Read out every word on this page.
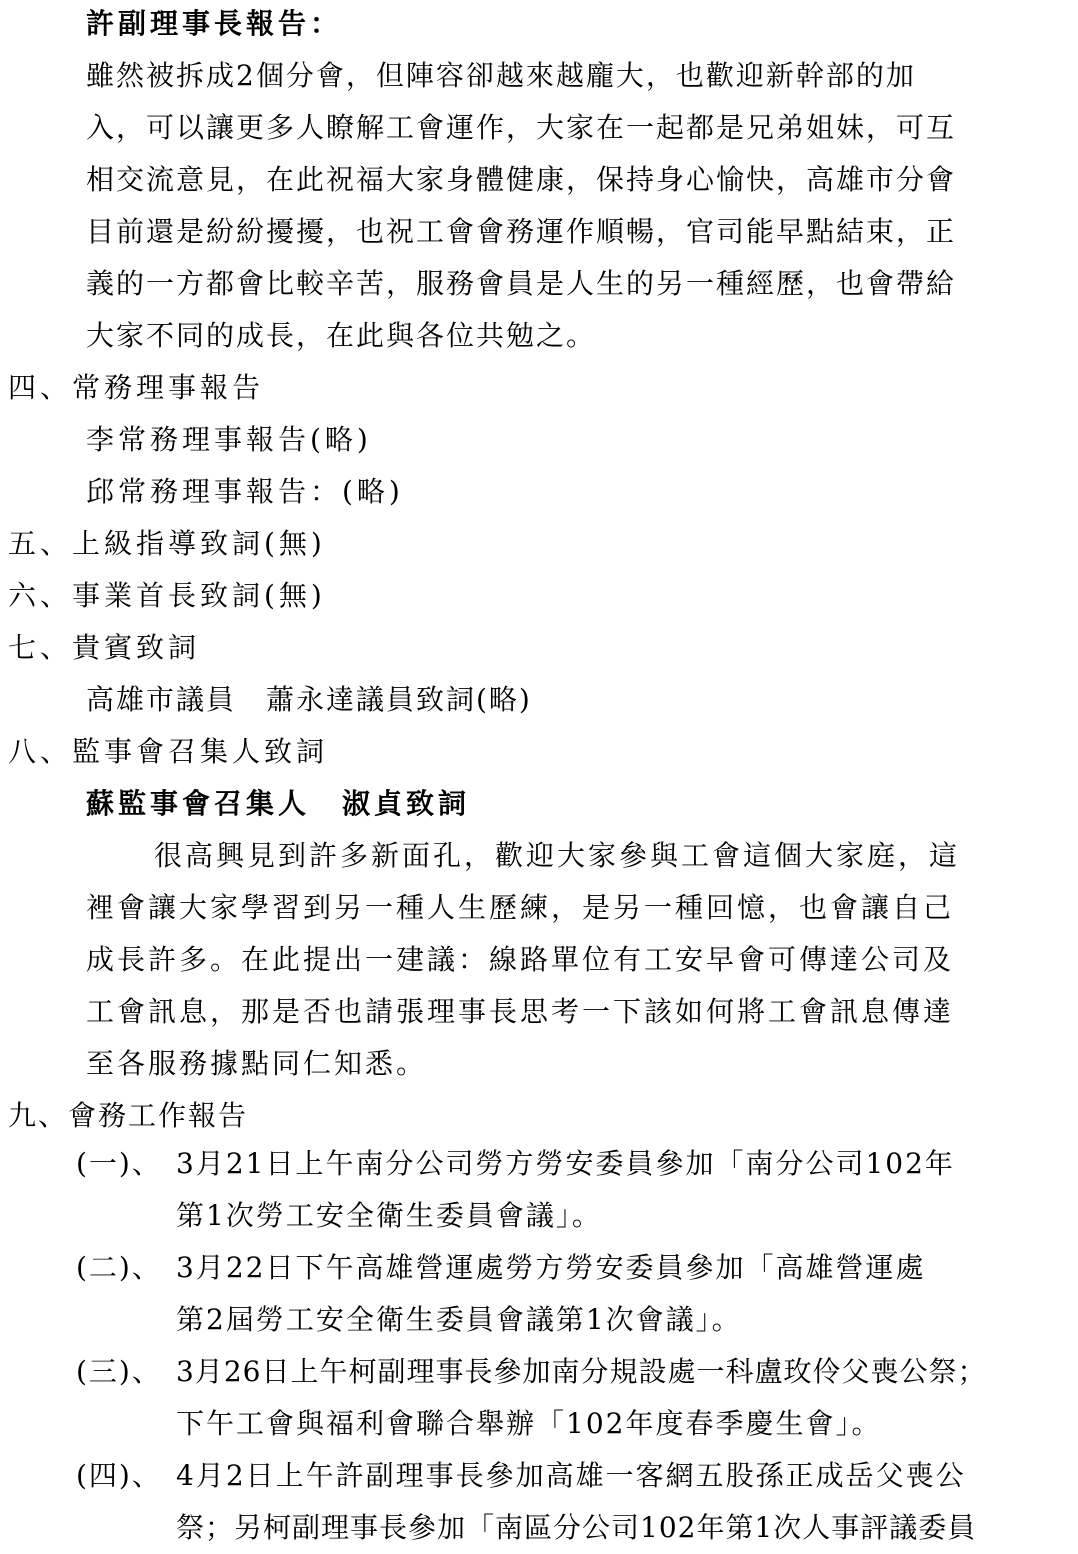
許副理事長報告：
雖然被拆成2個分會，但陣容卻越來越龐大，也歡迎新幹部的加
入，可以讓更多人瞭解工會運作，大家在一起都是兄弟姐妹，可互
相交流意見，在此祝福大家身體健康，保持身心愉快，高雄市分會
目前還是紛紛擾擾，也祝工會會務運作順暢，官司能早點結束，正
義的一方都會比較辛苦，服務會員是人生的另一種經歷，也會帶給
大家不同的成長，在此與各位共勉之。
四、常務理事報告
李常務理事報告(略)
邱常務理事報告：(略)
五、上級指導致詞(無)
六、事業首長致詞(無)
七、貴賓致詞
高雄市議員　蕭永達議員致詞(略)
八、監事會召集人致詞
蘇監事會召集人　淑貞致詞
很高興見到許多新面孔，歡迎大家參與工會這個大家庭，這
裡會讓大家學習到另一種人生歷練，是另一種回憶，也會讓自己
成長許多。在此提出一建議：線路單位有工安早會可傳達公司及
工會訊息，那是否也請張理事長思考一下該如何將工會訊息傳達
至各服務據點同仁知悉。
九、會務工作報告
(一)、 3月21日上午南分公司勞方勞安委員參加「南分公司102年
第1次勞工安全衛生委員會議」。
(二)、 3月22日下午高雄營運處勞方勞安委員參加「高雄營運處
第2屆勞工安全衛生委員會議第1次會議」。
(三)、 3月26日上午柯副理事長參加南分規設處一科盧玫伶父喪公祭；
下午工會與福利會聯合舉辦「102年度春季慶生會」。
(四)、 4月2日上午許副理事長參加高雄一客網五股孫正成岳父喪公
祭；另柯副理事長參加「南區分公司102年第1次人事評議委員
